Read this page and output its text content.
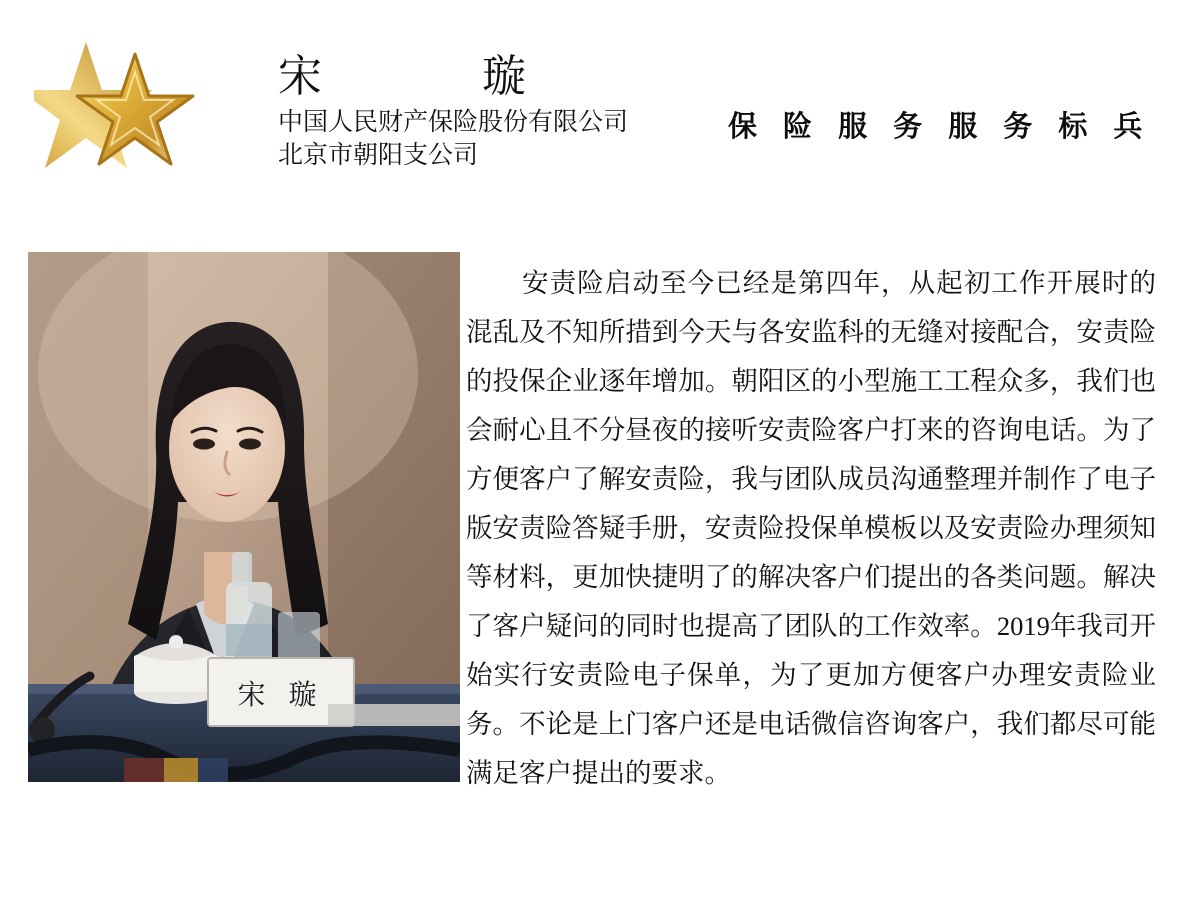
宋　　璇
中国人民财产保险股份有限公司
北京市朝阳支公司
保 险 服 务 服 务 标 兵
宋 璇

安责险启动至今已经是第四年，从起初工作开展时的混乱及不知所措到今天与各安监科的无缝对接配合，安责险的投保企业逐年增加。朝阳区的小型施工工程众多，我们也会耐心且不分昼夜的接听安责险客户打来的咨询电话。为了方便客户了解安责险，我与团队成员沟通整理并制作了电子版安责险答疑手册，安责险投保单模板以及安责险办理须知等材料，更加快捷明了的解决客户们提出的各类问题。解决了客户疑问的同时也提高了团队的工作效率。2019年我司开始实行安责险电子保单，为了更加方便客户办理安责险业务。不论是上门客户还是电话微信咨询客户，我们都尽可能满足客户提出的要求。
